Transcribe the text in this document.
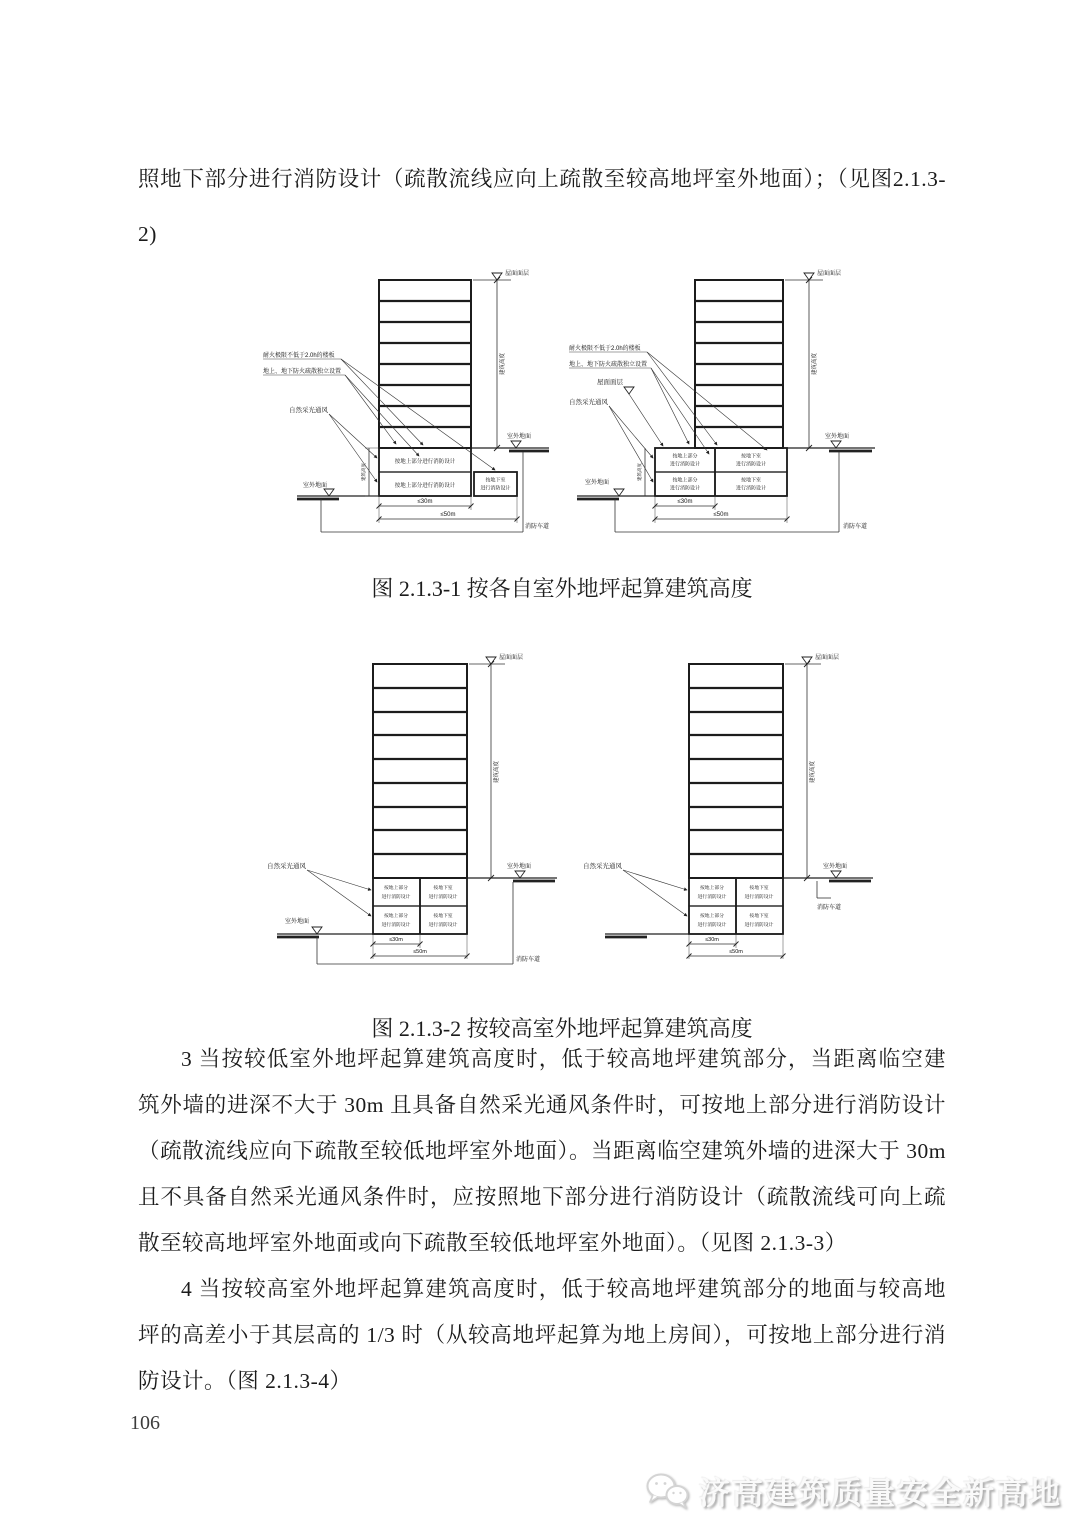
照地下部分进行消防设计（疏散流线应向上疏散至较高地坪室外地面）；（见图2.1.3-2)

屋面面层
建筑高度
室外地面
按地上部分进行消防设计
按地上部分进行消防设计
按地下室
进行消防设计
室外地面
建筑高度
耐火极限不低于2.0h的楼板
地上、地下防火疏散独立设置
自然采光通风
≤30m
≤50m
消防车道
屋面面层
建筑高度
室外地面
按地上部分
进行消防设计
按地上部分
进行消防设计
按地下室
进行消防设计
按地下室
进行消防设计
耐火极限不低于2.0h的楼板
地上、地下防火疏散独立设置
屋面面层
自然采光通风
室外地面
建筑高度
≤30m
≤50m
消防车道

图 2.1.3-1 按各自室外地坪起算建筑高度

屋面面层
建筑高度
室外地面
按地上部分
进行消防设计
按地上部分
进行消防设计
按地下室
进行消防设计
按地下室
进行消防设计
自然采光通风
室外地面
≤30m
≤50m
消防车道
屋面面层
建筑高度
室外地面
消防车道
按地上部分
进行消防设计
按地上部分
进行消防设计
按地下室
进行消防设计
按地下室
进行消防设计
自然采光通风
≤30m
≤50m

图 2.1.3-2 按较高室外地坪起算建筑高度

3 当按较低室外地坪起算建筑高度时，低于较高地坪建筑部分，当距离临空建筑外墙的进深不大于 30m 且具备自然采光通风条件时，可按地上部分进行消防设计（疏散流线应向下疏散至较低地坪室外地面）。当距离临空建筑外墙的进深大于 30m 且不具备自然采光通风条件时，应按照地下部分进行消防设计（疏散流线可向上疏散至较高地坪室外地面或向下疏散至较低地坪室外地面）。（见图 2.1.3-3）

4 当按较高室外地坪起算建筑高度时，低于较高地坪建筑部分的地面与较高地坪的高差小于其层高的 1/3 时（从较高地坪起算为地上房间），可按地上部分进行消防设计。（图 2.1.3-4）

106
济高建筑质量安全新高地
